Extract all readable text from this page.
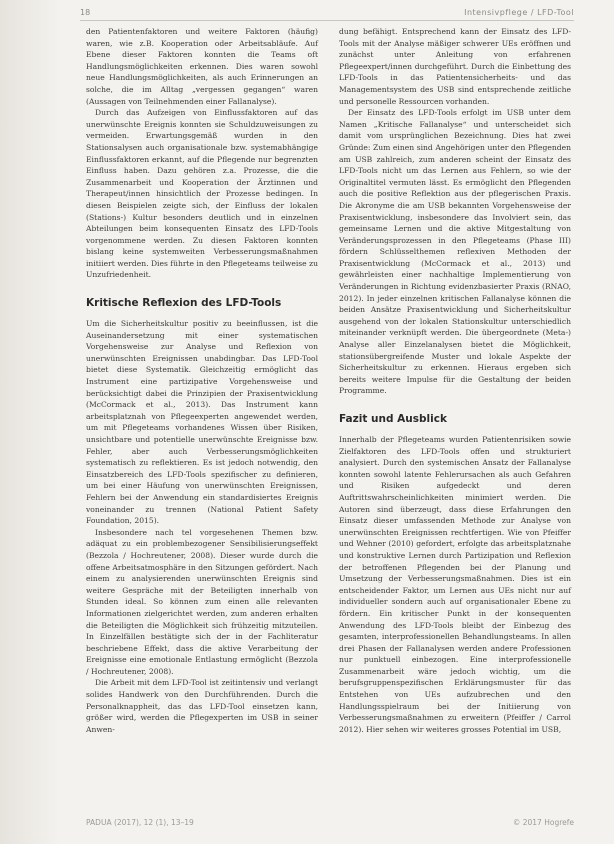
18	Intensivpflege / LFD-Tool

den Patientenfaktoren und weitere Faktoren (häufig) waren, wie z.B. Kooperation oder Arbeitsabläufe. Auf Ebene dieser Faktoren konnten die Teams oft Handlungsmöglichkeiten erkennen. Dies waren sowohl neue Handlungsmöglichkeiten, als auch Erinnerungen an solche, die im Alltag „vergessen gegangen“ waren (Aussagen von Teilnehmenden einer Fallanalyse).

Durch das Aufzeigen von Einflussfaktoren auf das unerwünschte Ereignis konnten sie Schuldzuweisungen zu vermeiden. Erwartungsgemäß wurden in den Stationsalysen auch organisationale bzw. systemabhängige Einflussfaktoren erkannt, auf die Pflegende nur begrenzten Einfluss haben. Dazu gehören z.a. Prozesse, die die Zusammenarbeit und Kooperation der Ärztinnen und Therapeut/innen hinsichtlich der Prozesse bedingen. In diesen Beispielen zeigte sich, der Einfluss der lokalen (Stations-) Kultur besonders deutlich und in einzelnen Abteilungen beim konsequenten Einsatz des LFD-Tools vorgenommene werden. Zu diesen Faktoren konnten bislang keine systemweiten Verbesserungsmaßnahmen initiiert werden. Dies führte in den Pflegeteams teilweise zu Unzufriedenheit.

Kritische Reflexion des LFD-Tools

Um die Sicherheitskultur positiv zu beeinflussen, ist die Auseinandersetzung mit einer systematischen Vorgehensweise zur Analyse und Reflexion von unerwünschten Ereignissen unabdingbar. Das LFD-Tool bietet diese Systematik. Gleichzeitig ermöglicht das Instrument eine partizipative Vorgehensweise und berücksichtigt dabei die Prinzipien der Praxisentwicklung (McCormack et al., 2013). Das Instrument kann arbeitsplatznah von Pflegeexperten angewendet werden, um mit Pflegeteams vorhandenes Wissen über Risiken, unsichtbare und potentielle unerwünschte Ereignisse bzw. Fehler, aber auch Verbesserungsmöglichkeiten systematisch zu reflektieren. Es ist jedoch notwendig, den Einsatzbereich des LFD-Tools spezifischer zu definieren, um bei einer Häufung von unerwünschten Ereignissen, Fehlern bei der Anwendung ein standardisiertes Ereignis voneinander zu trennen (National Patient Safety Foundation, 2015).

Insbesondere nach tel vorgesehenen Themen bzw. adäquat zu ein problembezogener Sensibilisierungseffekt (Bezzola / Hochreutener, 2008). Dieser wurde durch die offene Arbeitsatmosphäre in den Sitzungen gefördert. Nach einem zu analysierenden unerwünschten Ereignis sind weitere Gespräche mit der Beteiligten innerhalb von Stunden ideal. So können zum einen alle relevanten Informationen zielgerichtet werden, zum anderen erhalten die Beteiligten die Möglichkeit sich frühzeitig mitzuteilen. In Einzelfällen bestätigte sich der in der Fachliteratur beschriebene Effekt, dass die aktive Verarbeitung der Ereignisse eine emotionale Entlastung ermöglicht (Bezzola / Hochreutener, 2008).

Die Arbeit mit dem LFD-Tool ist zeitintensiv und verlangt solides Handwerk von den Durchführenden. Durch die Personalknappheit, das das LFD-Tool einsetzen kann, größer wird, werden die Pflegexperten im USB in seiner Anwen-

dung befähigt. Entsprechend kann der Einsatz des LFD-Tools mit der Analyse mäßiger schwerer UEs eröffnen und zunächst unter Anleitung von erfahrenen Pflegeexpert/innen durchgeführt. Durch die Einbettung des LFD-Tools in das Patientensicherheits- und das Managementsystem des USB sind entsprechende zeitliche und personelle Ressourcen vorhanden.

Der Einsatz des LFD-Tools erfolgt im USB unter dem Namen „Kritische Fallanalyse“ und unterscheidet sich damit vom ursprünglichen Bezeichnung. Dies hat zwei Gründe: Zum einen sind Angehörigen unter den Pflegenden am USB zahlreich, zum anderen scheint der Einsatz des LFD-Tools nicht um das Lernen aus Fehlern, so wie der Originaltitel vermuten lässt. Es ermöglicht den Pflegenden auch die positive Reflektion aus der pflegerischen Praxis. Die Akronyme die am USB bekannten Vorgehensweise der Praxisentwicklung, insbesondere das Involviert sein, das gemeinsame Lernen und die aktive Mitgestaltung von Veränderungsprozessen in den Pflegeteams (Phase III) fördern Schlüsselthemen reflexiven Methoden der Praxisentwicklung (McCormack et al., 2013) und gewährleisten einer nachhaltige Implementierung von Veränderungen in Richtung evidenzbasierter Praxis (RNAO, 2012). In jeder einzelnen kritischen Fallanalyse können die beiden Ansätze Praxisentwicklung und Sicherheitskultur ausgehend von der lokalen Stationskultur unterschiedlich miteinander verknüpft werden. Die übergeordnete (Meta-) Analyse aller Einzelanalysen bietet die Möglichkeit, stationsübergreifende Muster und lokale Aspekte der Sicherheitskultur zu erkennen. Hieraus ergeben sich bereits weitere Impulse für die Gestaltung der beiden Programme.

Fazit und Ausblick

Innerhalb der Pflegeteams wurden Patientenrisiken sowie Zielfaktoren des LFD-Tools offen und strukturiert analysiert. Durch den systemischen Ansatz der Fallanalyse konnten sowohl latente Fehlerursachen als auch Gefahren und Risiken aufgedeckt und deren Auftrittswahrscheinlichkeiten minimiert werden. Die Autoren sind überzeugt, dass diese Erfahrungen den Einsatz dieser umfassenden Methode zur Analyse von unerwünschten Ereignissen rechtfertigen. Wie von Pfeiffer und Wehner (2010) gefordert, erfolgte das arbeitsplatznahe und konstruktive Lernen durch Partizipation und Reflexion der betroffenen Pflegenden bei der Planung und Umsetzung der Verbesserungsmaßnahmen. Dies ist ein entscheidender Faktor, um Lernen aus UEs nicht nur auf individueller sondern auch auf organisationaler Ebene zu fördern. Ein kritischer Punkt in der konsequenten Anwendung des LFD-Tools bleibt der Einbezug des gesamten, interprofessionellen Behandlungsteams. In allen drei Phasen der Fallanalysen werden andere Professionen nur punktuell einbezogen. Eine interprofessionelle Zusammenarbeit wäre jedoch wichtig, um die berufsgruppenspezifischen Erklärungsmuster für das Entstehen von UEs aufzubrechen und den Handlungsspielraum bei der Initiierung von Verbesserungsmaßnahmen zu erweitern (Pfeiffer / Carrol 2012). Hier sehen wir weiteres grosses Potential im USB,

PADUA (2017), 12 (1), 13–19	© 2017 Hogrefe
